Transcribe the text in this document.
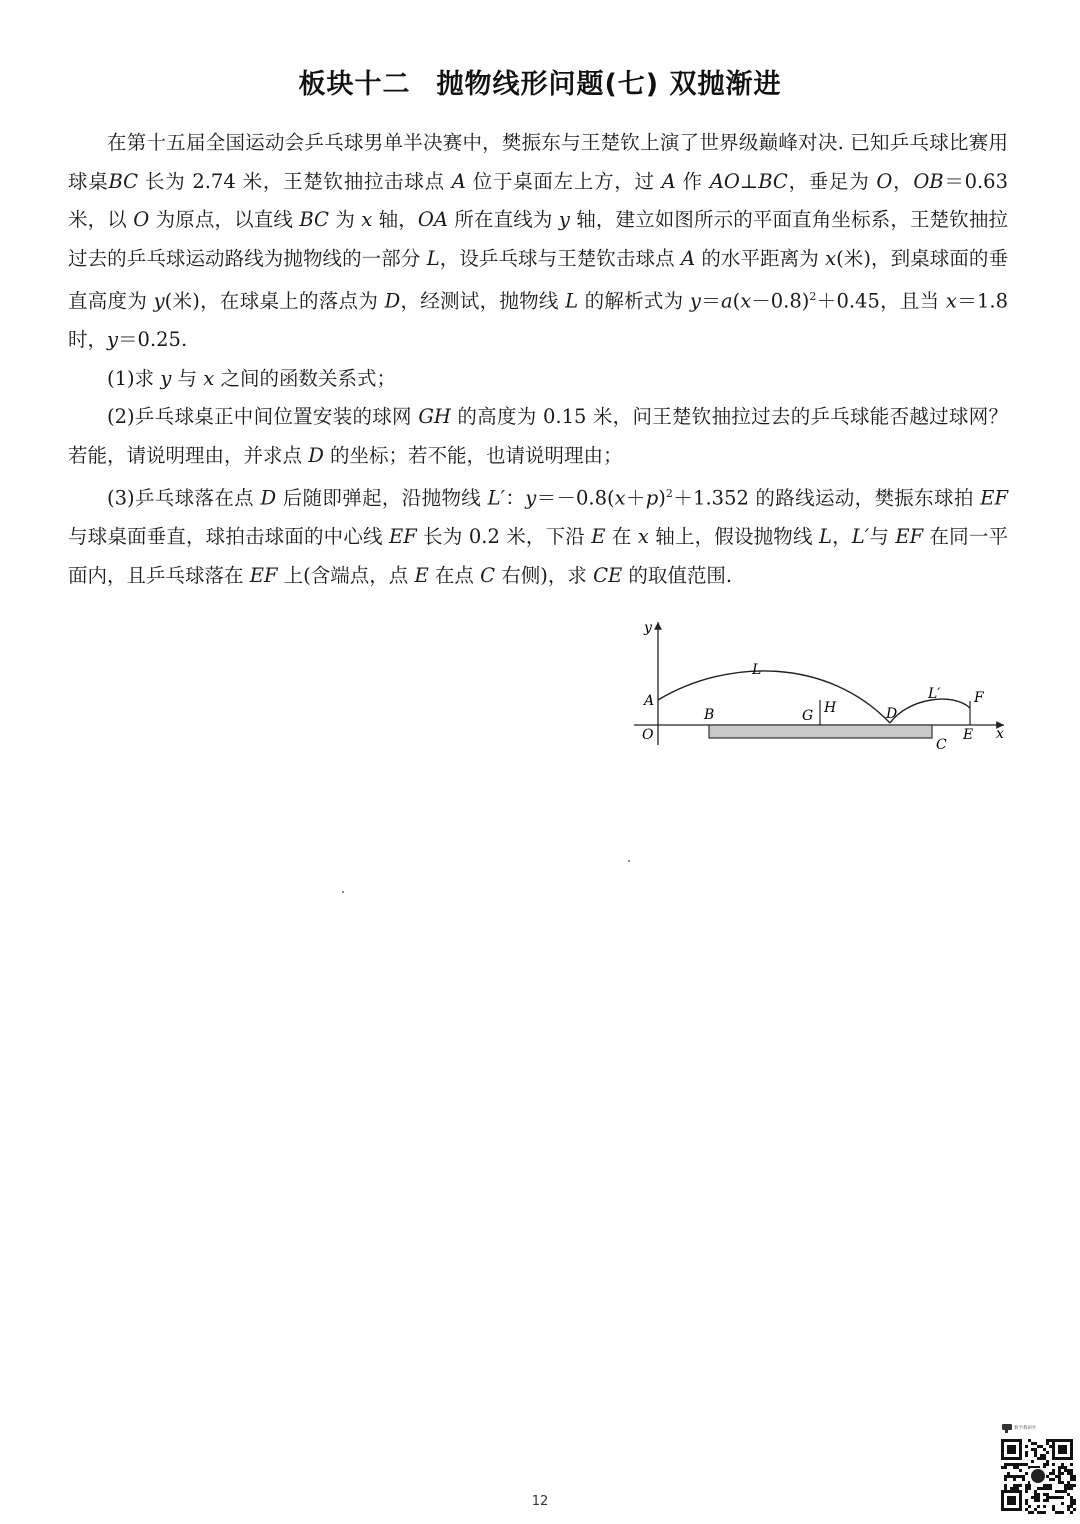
板块十二 抛物线形问题(七) 双抛渐进

在第十五届全国运动会乒乓球男单半决赛中，樊振东与王楚钦上演了世界级巅峰对决. 已知乒乓球比赛用球桌BC 长为 2.74 米，王楚钦抽拉击球点 A 位于桌面左上方，过 A 作 AO⊥BC，垂足为 O，OB＝0.63 米，以 O 为原点，以直线 BC 为 x 轴，OA 所在直线为 y 轴，建立如图所示的平面直角坐标系，王楚钦抽拉过去的乒乓球运动路线为抛物线的一部分 L，设乒乓球与王楚钦击球点 A 的水平距离为 x(米)，到桌球面的垂直高度为 y(米)，在球桌上的落点为 D，经测试，抛物线 L 的解析式为 $y=a(x-0.8)^2+0.45$，且当 x＝1.8 时，y＝0.25.

(1)求 y 与 x 之间的函数关系式；

(2)乒乓球桌正中间位置安装的球网 GH 的高度为 0.15 米，问王楚钦抽拉过去的乒乓球能否越过球网？若能，请说明理由，并求点 D 的坐标；若不能，也请说明理由；

(3)乒乓球落在点 D 后随即弹起，沿抛物线 L′：$y=-0.8(x+p)^2+1.352$ 的路线运动，樊振东球拍 EF 与球桌面垂直，球拍击球面的中心线 EF 长为 0.2 米，下沿 E 在 x 轴上，假设抛物线 L，L′与 EF 在同一平面内，且乒乓球落在 EF 上(含端点，点 E 在点 C 右侧)，求 CE 的取值范围.

y
x
O
A
B
C
D
E
F
G H
L
L′
数学教研社
12
